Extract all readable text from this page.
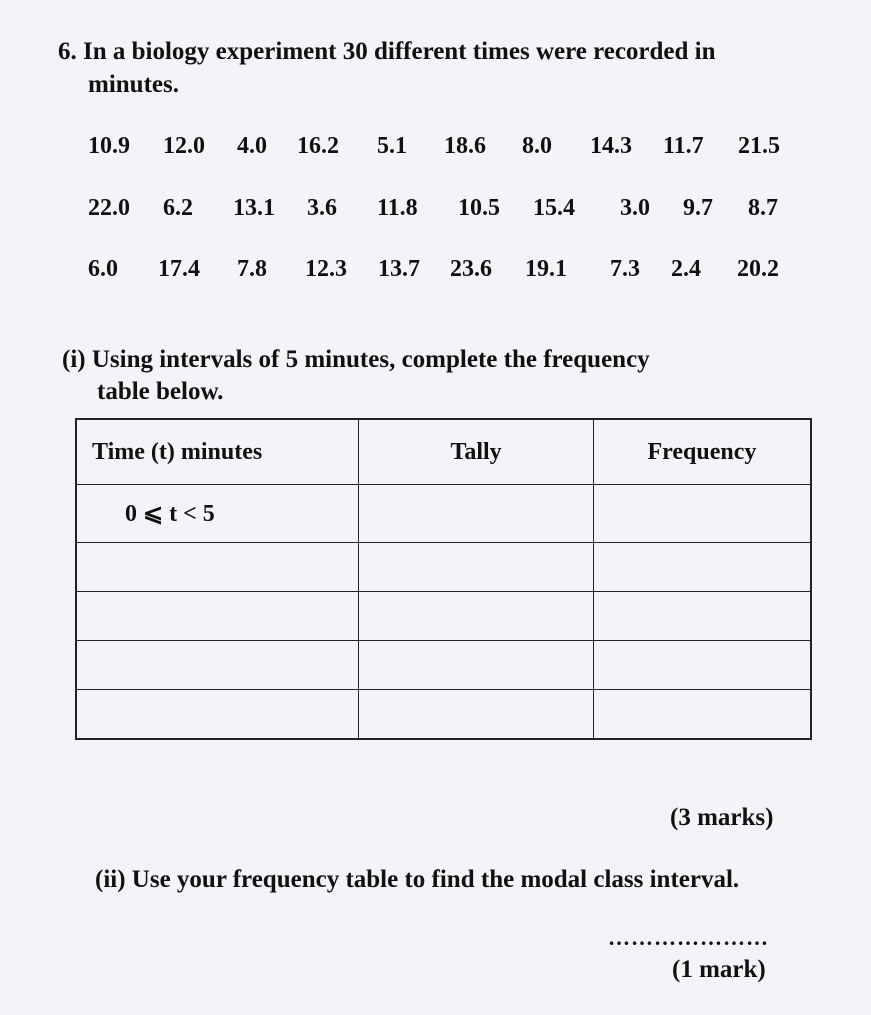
6. In a biology experiment 30 different times were recorded in
minutes.
10.9 12.0 4.0 16.2 5.1 18.6 8.0 14.3 11.7 21.5
22.0 6.2 13.1 3.6 11.8 10.5 15.4 3.0 9.7 8.7
6.0 17.4 7.8 12.3 13.7 23.6 19.1 7.3 2.4 20.2
(i) Using intervals of 5 minutes, complete the frequency
table below.
Time (t) minutes	Tally	Frequency
0 ⩽ t < 5		

(3 marks)
(ii) Use your frequency table to find the modal class interval.
…………………
(1 mark)
